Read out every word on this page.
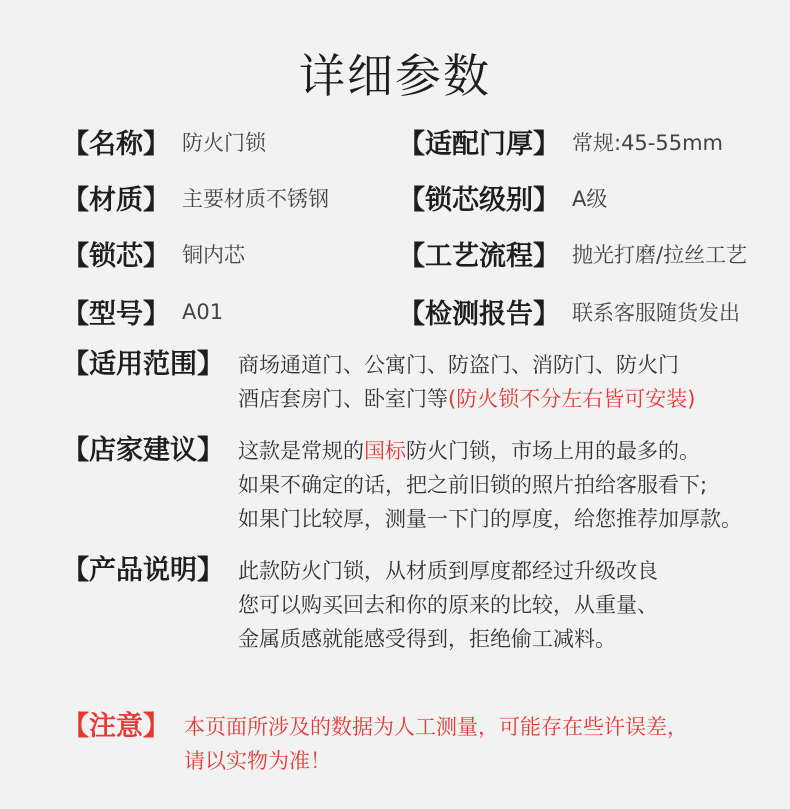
详细参数
【名称】 防火门锁	【适配门厚】 常规:45-55mm
【材质】 主要材质不锈钢	【锁芯级别】 A级
【锁芯】 铜内芯	【工艺流程】 抛光打磨/拉丝工艺
【型号】 A01	【检测报告】 联系客服随货发出
【适用范围】 商场通道门、公寓门、防盗门、消防门、防火门
酒店套房门、卧室门等(防火锁不分左右皆可安装)
【店家建议】 这款是常规的国标防火门锁，市场上用的最多的。
如果不确定的话，把之前旧锁的照片拍给客服看下;
如果门比较厚，测量一下门的厚度，给您推荐加厚款。
【产品说明】 此款防火门锁，从材质到厚度都经过升级改良
您可以购买回去和你的原来的比较，从重量、
金属质感就能感受得到，拒绝偷工减料。
【注意】 本页面所涉及的数据为人工测量，可能存在些许误差，
请以实物为准！
